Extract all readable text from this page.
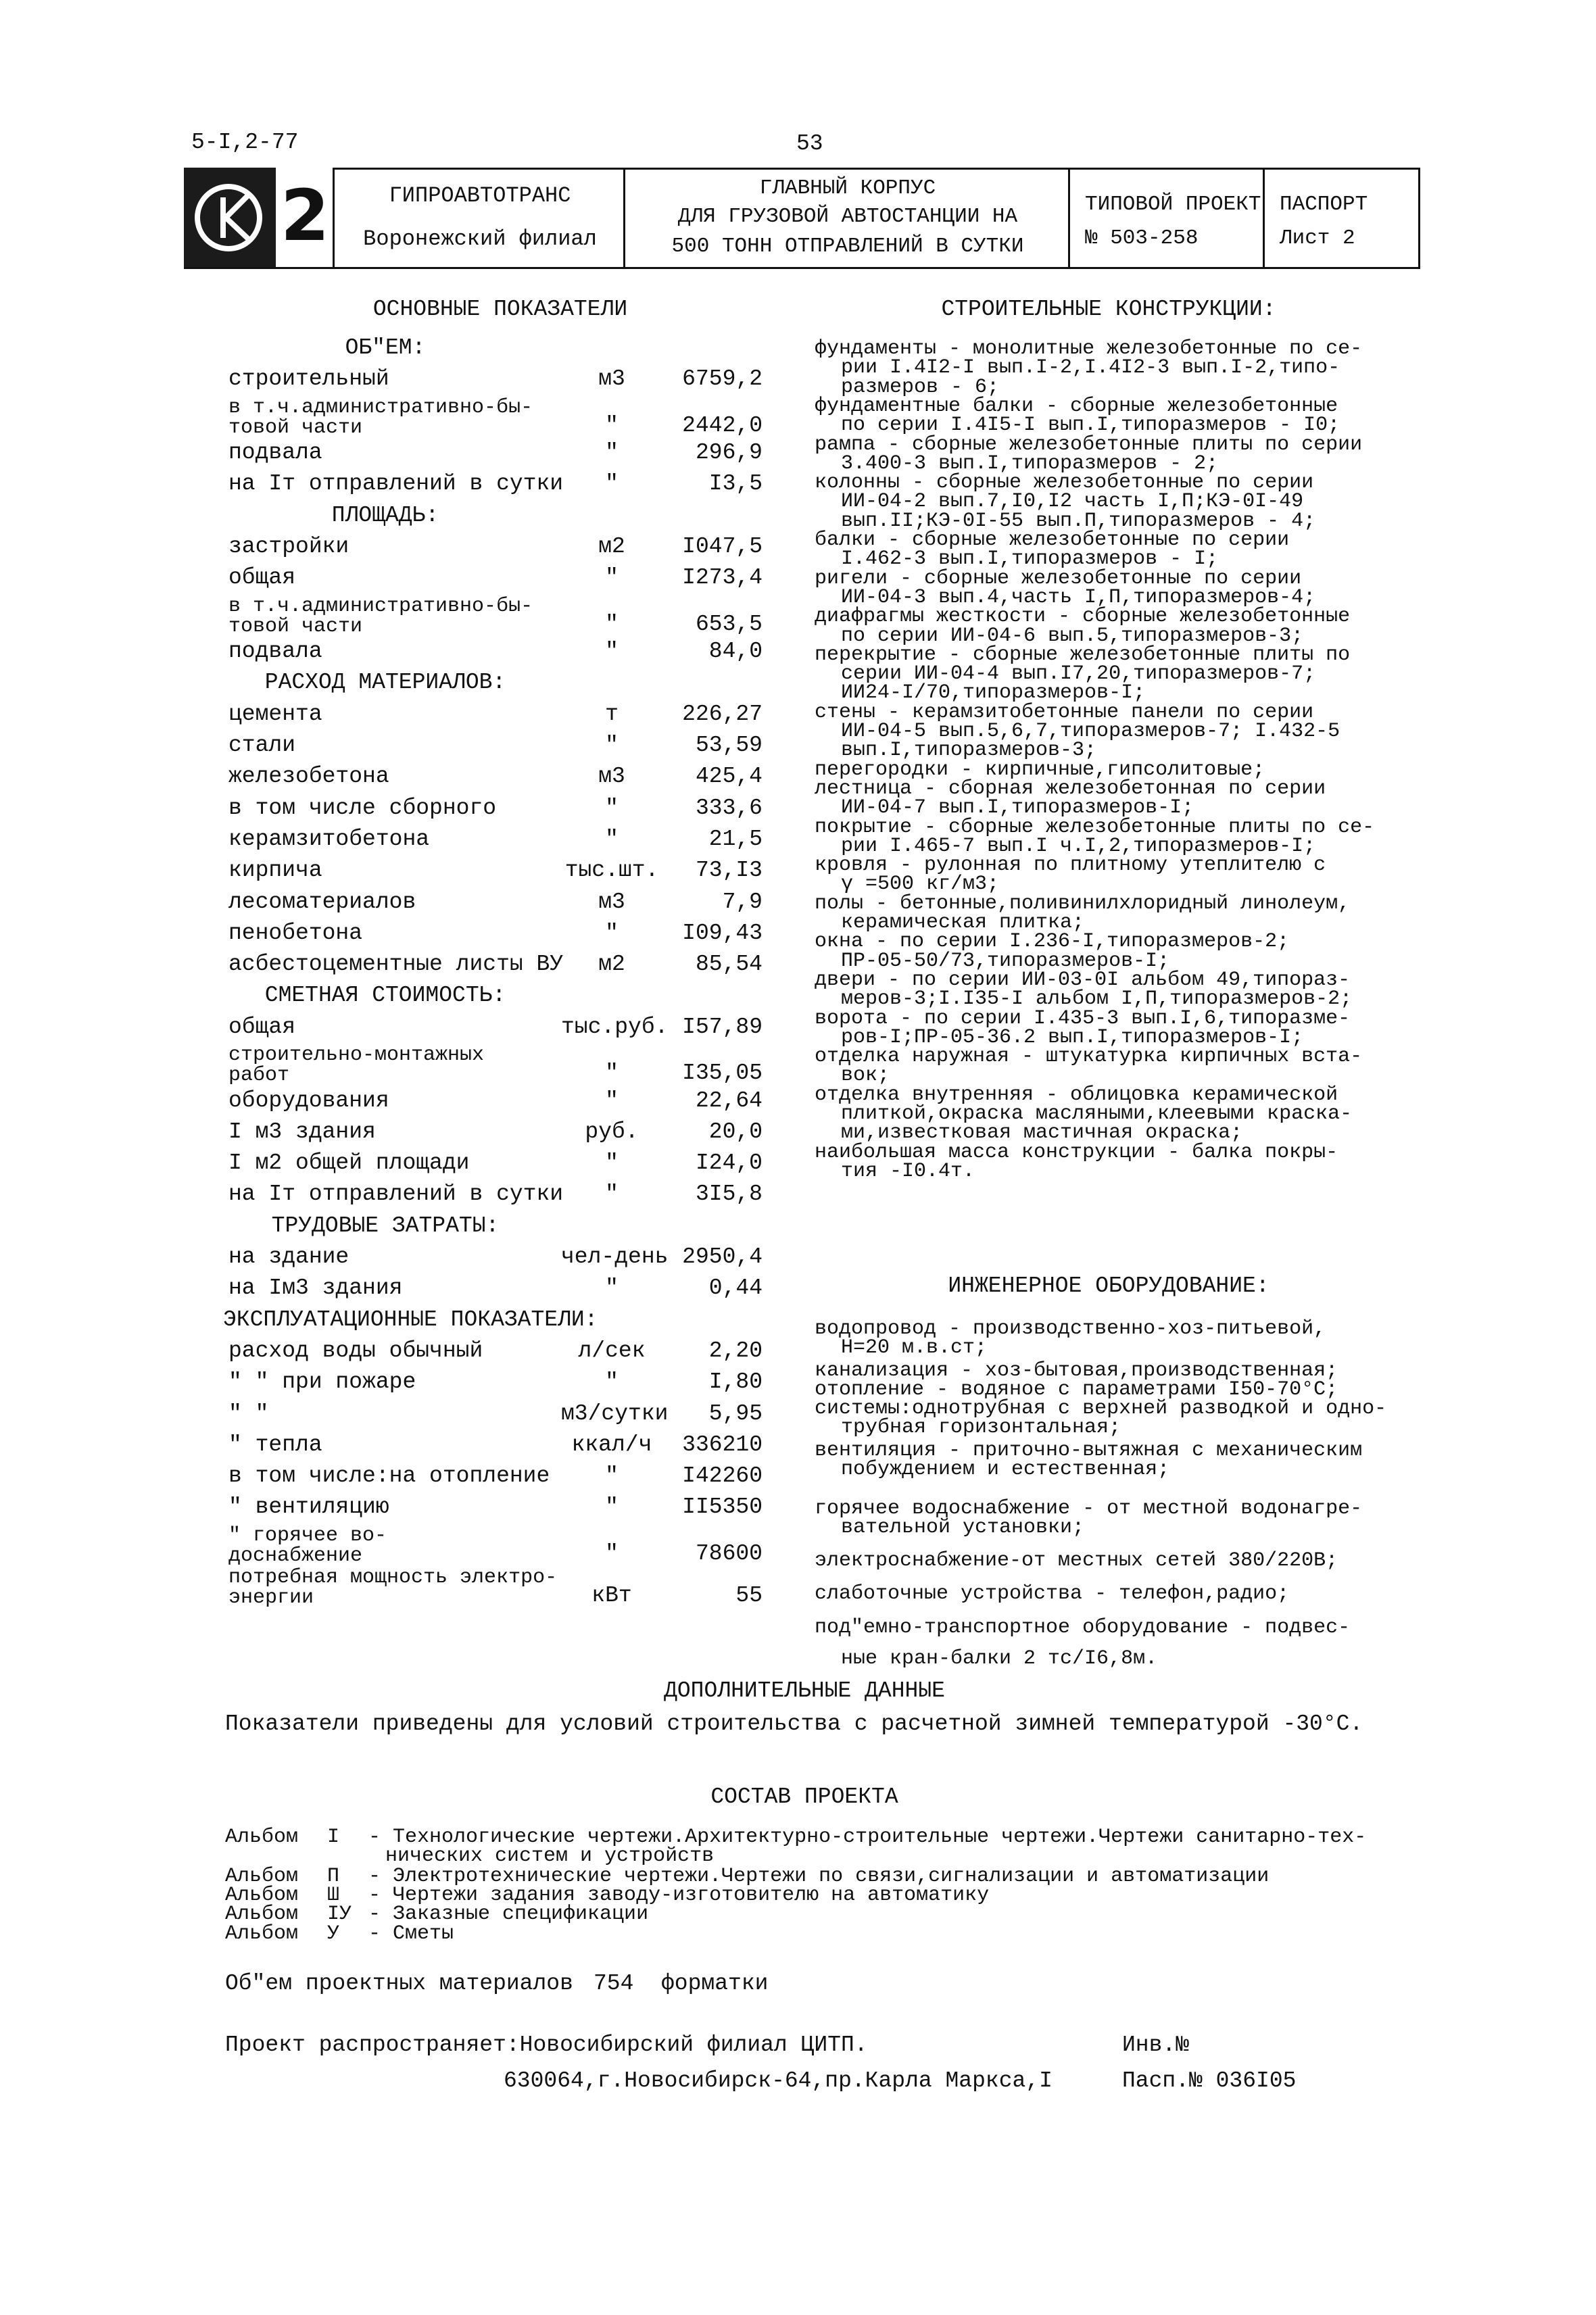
5-I,2-77	53
ГИПРОАВТОТРАНС
Воронежский филиал
ГЛАВНЫЙ КОРПУС
ДЛЯ ГРУЗОВОЙ АВТОСТАНЦИИ НА
500 ТОНН ОТПРАВЛЕНИЙ В СУТКИ
ТИПОВОЙ ПРОЕКТ
№ 503-258
ПАСПОРТ
Лист 2
2
ОСНОВНЫЕ ПОКАЗАТЕЛИ
ОБ"ЕМ:
строительный	м3	6759,2
в т.ч.административно-бы-
товой части	"	2442,0
подвала	"	296,9
на Iт отправлений в сутки	"	I3,5
ПЛОЩАДЬ:
застройки	м2	I047,5
общая	"	I273,4
в т.ч.административно-бы-
товой части	"	653,5
подвала	"	84,0
РАСХОД МАТЕРИАЛОВ:
цемента	т	226,27
стали	"	53,59
железобетона	м3	425,4
в том числе сборного	"	333,6
керамзитобетона	"	21,5
кирпича	тыс.шт.	73,I3
лесоматериалов	м3	7,9
пенобетона	"	I09,43
асбестоцементные листы ВУ	м2	85,54
СМЕТНАЯ СТОИМОСТЬ:
общая	тыс.руб. I57,89
строительно-монтажных
работ	"	I35,05
оборудования	"	22,64
I м3 здания	руб.	20,0
I м2 общей площади	"	I24,0
на Iт отправлений в сутки	"	3I5,8
ТРУДОВЫЕ ЗАТРАТЫ:
на здание	чел-день 2950,4
на Iм3 здания	"	0,44
ЭКСПЛУАТАЦИОННЫЕ ПОКАЗАТЕЛИ:
расход воды обычный	л/сек	2,20
" " при пожаре	"	I,80
" "	м3/сутки	5,95
" тепла	ккал/ч	336210
в том числе:на отопление	"	I42260
" вентиляцию	"	II5350
" горячее во-
доснабжение	"	78600
потребная мощность электро-
энергии	кВт	55
СТРОИТЕЛЬНЫЕ КОНСТРУКЦИИ:
фундаменты - монолитные железобетонные по се-
рии I.4I2-I вып.I-2,I.4I2-3 вып.I-2,типо-
размеров - 6;
фундаментные балки - сборные железобетонные
по серии I.4I5-I вып.I,типоразмеров - I0;
рампа - сборные железобетонные плиты по серии
3.400-3 вып.I,типоразмеров - 2;
колонны - сборные железобетонные по серии
ИИ-04-2 вып.7,I0,I2 часть I,П;КЭ-0I-49
вып.II;КЭ-0I-55 вып.П,типоразмеров - 4;
балки - сборные железобетонные по серии
I.462-3 вып.I,типоразмеров - I;
ригели - сборные железобетонные по серии
ИИ-04-3 вып.4,часть I,П,типоразмеров-4;
диафрагмы жесткости - сборные железобетонные
по серии ИИ-04-6 вып.5,типоразмеров-3;
перекрытие - сборные железобетонные плиты по
серии ИИ-04-4 вып.I7,20,типоразмеров-7;
ИИ24-I/70,типоразмеров-I;
стены - керамзитобетонные панели по серии
ИИ-04-5 вып.5,6,7,типоразмеров-7; I.432-5
вып.I,типоразмеров-3;
перегородки - кирпичные,гипсолитовые;
лестница - сборная железобетонная по серии
ИИ-04-7 вып.I,типоразмеров-I;
покрытие - сборные железобетонные плиты по се-
рии I.465-7 вып.I ч.I,2,типоразмеров-I;
кровля - рулонная по плитному утеплителю с
γ =500 кг/м3;
полы - бетонные,поливинилхлоридный линолеум,
керамическая плитка;
окна - по серии I.236-I,типоразмеров-2;
ПР-05-50/73,типоразмеров-I;
двери - по серии ИИ-03-0I альбом 49,типораз-
меров-3;I.I35-I альбом I,П,типоразмеров-2;
ворота - по серии I.435-3 вып.I,6,типоразме-
ров-I;ПР-05-36.2 вып.I,типоразмеров-I;
отделка наружная - штукатурка кирпичных вста-
вок;
отделка внутренняя - облицовка керамической
плиткой,окраска масляными,клеевыми краска-
ми,известковая мастичная окраска;
наибольшая масса конструкции - балка покры-
тия -I0.4т.
ИНЖЕНЕРНОЕ ОБОРУДОВАНИЕ:
водопровод - производственно-хоз-питьевой,
Н=20 м.в.ст;
канализация - хоз-бытовая,производственная;
отопление - водяное с параметрами I50-70°С;
системы:однотрубная с верхней разводкой и одно-
трубная горизонтальная;
вентиляция - приточно-вытяжная с механическим
побуждением и естественная;
горячее водоснабжение - от местной водонагре-
вательной установки;
электроснабжение-от местных сетей 380/220В;
слаботочные устройства - телефон,радио;
под"емно-транспортное оборудование - подвес-
ные кран-балки 2 тс/I6,8м.
ДОПОЛНИТЕЛЬНЫЕ ДАННЫЕ
Показатели приведены для условий строительства с расчетной зимней температурой -30°С.
СОСТАВ ПРОЕКТА
Альбом I - Технологические чертежи.Архитектурно-строительные чертежи.Чертежи санитарно-тех-
нических систем и устройств
Альбом П - Электротехнические чертежи.Чертежи по связи,сигнализации и автоматизации
Альбом Ш - Чертежи задания заводу-изготовителю на автоматику
Альбом IУ - Заказные спецификации
Альбом У - Сметы
Об"ем проектных материалов 754 форматки
Проект распространяет:Новосибирский филиал ЦИТП.
630064,г.Новосибирск-64,пр.Карла Маркса,I
Инв.№
Пасп.№ 036I05
